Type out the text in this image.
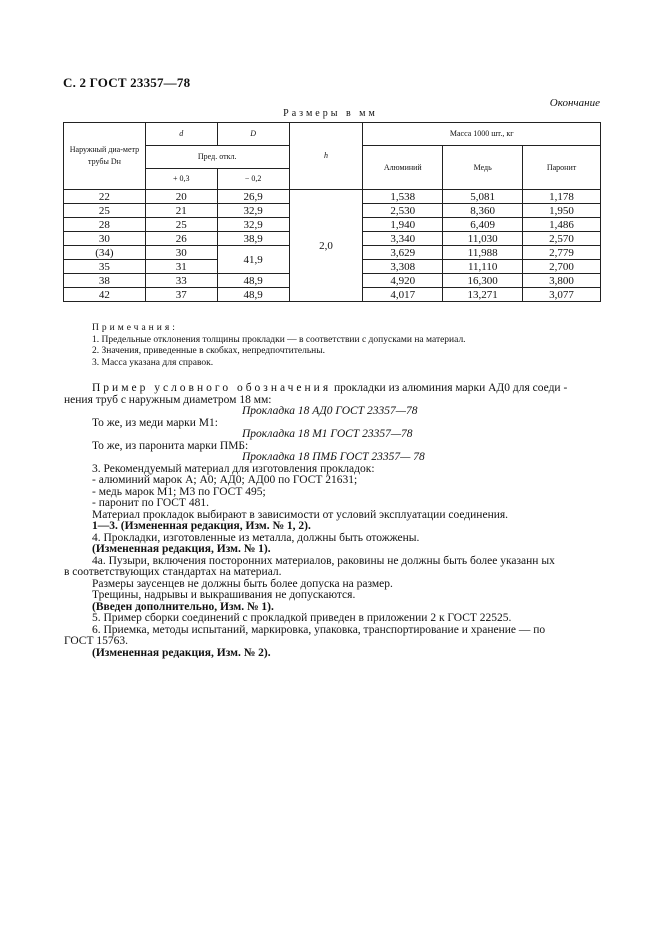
С. 2 ГОСТ 23357—78
Окончание
Размеры в мм
Наружный диа-метр трубы Dн	d	D	h	Масса 1000 шт., кг		
	Пред. откл.			Алюминий	Медь	Паронит
	+ 0,3	− 0,2				
22	20	26,9	2,0	1,538	5,081	1,178
25	21	32,9		2,530	8,360	1,950
28	25	32,9		1,940	6,409	1,486
30	26	38,9		3,340	11,030	2,570
(34)	30	41,9		3,629	11,988	2,779
35	31			3,308	11,110	2,700
38	33	48,9		4,920	16,300	3,800
42	37	48,9		4,017	13,271	3,077
Примечания:
1. Предельные отклонения толщины прокладки — в соответствии с допусками на материал.
2. Значения, приведенные в скобках, непредпочтительны.
3. Масса указана для справок.

Пример условного обозначения прокладки из алюминия марки АД0 для соеди -

нения труб с наружным диаметром 18 мм:

Прокладка 18 АД0 ГОСТ 23357—78

То же, из меди марки М1:

Прокладка 18 М1 ГОСТ 23357—78

То же, из паронита марки ПМБ:

Прокладка 18 ПМБ ГОСТ 23357— 78

3. Рекомендуемый материал для изготовления прокладок:

- алюминий марок А; А0; АД0; АД00 по ГОСТ 21631;

- медь марок М1; М3 по ГОСТ 495;

- паронит по ГОСТ 481.

Материал прокладок выбирают в зависимости от условий эксплуатации соединения.

1—3. (Измененная редакция, Изм. № 1, 2).

4. Прокладки, изготовленные из металла, должны быть отожжены.

(Измененная редакция, Изм. № 1).

4а. Пузыри, включения посторонних материалов, раковины не должны быть более указанн ых

в соответствующих стандартах на материал.

Размеры заусенцев не должны быть более допуска на размер.

Трещины, надрывы и выкрашивания не допускаются.

(Введен дополнительно, Изм. № 1).

5. Пример сборки соединений с прокладкой приведен в приложении 2 к ГОСТ 22525.

6. Приемка, методы испытаний, маркировка, упаковка, транспортирование и хранение — по

ГОСТ 15763.

(Измененная редакция, Изм. № 2).
